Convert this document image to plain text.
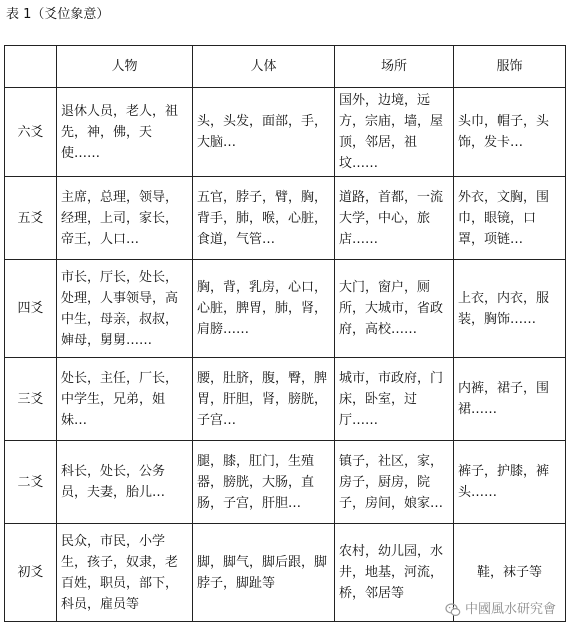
表 1（爻位象意）
	人物	人体	场所	服饰
六爻	退休人员，老人，祖先，神，佛，天使……	头，头发，面部，手，大脑…	国外，边境，远方，宗庙，墙，屋顶，邻居，祖坟……	头巾，帽子，头饰，发卡…
五爻	主席，总理，领导，经理，上司，家长，帝王，人口…	五官，脖子，臂，胸，背手，肺，喉，心脏，食道，气管…	道路，首都，一流大学，中心，旅店……	外衣，文胸，围巾，眼镜，口罩，项链…
四爻	市长，厅长，处长，处理，人事领导，高中生，母亲，叔叔，婶母，舅舅……	胸，背，乳房，心口，心脏，脾胃，肺，肾，肩膀……	大门，窗户，厕所，大城市，省政府，高校……	上衣，内衣，服装，胸饰……
三爻	处长，主任，厂长，中学生，兄弟，姐妹…	腰，肚脐，腹，臀，脾胃，肝胆，肾，膀胱，子宫…	城市，市政府，门床，卧室，过厅……	内裤，裙子，围裙……
二爻	科长，处长，公务员，夫妻，胎儿…	腿，膝，肛门，生殖器，膀胱，大肠，直肠，子宫，肝胆…	镇子，社区，家，房子，厨房，院子，房间，娘家…	裤子，护膝，裤头……
初爻	民众，市民，小学生，孩子，奴隶，老百姓，职员，部下，科员，雇员等	脚，脚气，脚后跟，脚脖子，脚趾等	农村，幼儿园，水井，地基，河流，桥，邻居等	鞋，袜子等
中國風水研究會
